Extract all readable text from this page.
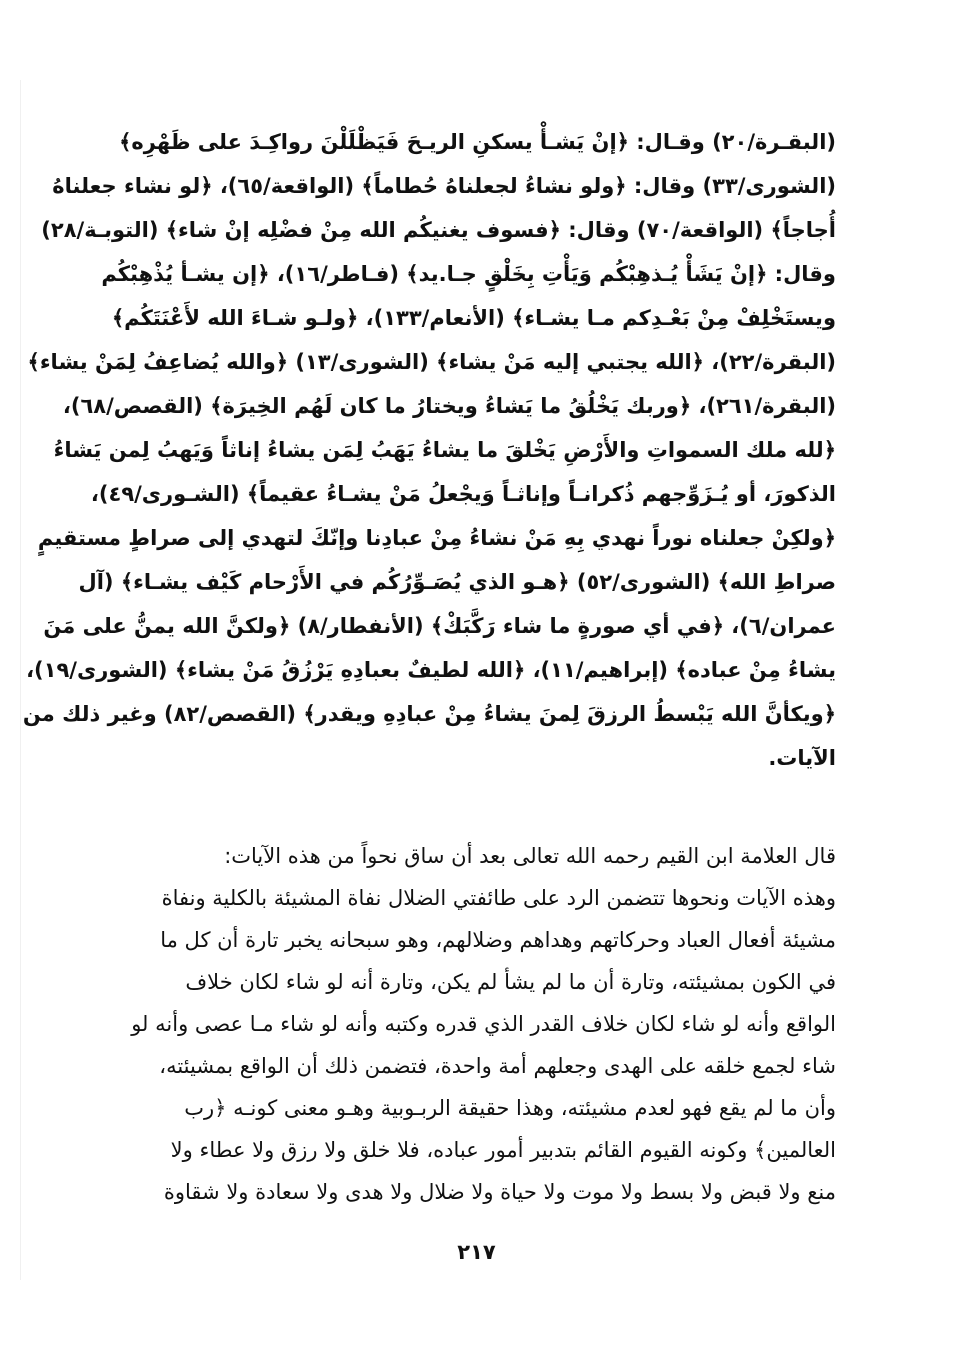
(البقـرة/٢٠) وقـال: ﴿إنْ يَشـأْ يسكنِ الريـحَ فَيَظْلَلْنَ رواكِـدَ على ظَهْرِه﴾
(الشورى/٣٣) وقال: ﴿ولو نشاءُ لجعلناهُ حُطاماً﴾ (الواقعة/٦٥)، ﴿لو نشاء جعلناهُ
أُجاجاً﴾ (الواقعة/٧٠) وقال: ﴿فسوف يغنيكُم الله مِنْ فضْلِه إنْ شاء﴾ (التوبـة/٢٨)
وقال: ﴿إنْ يَشَأْ يُـذهِبْكُم وَيَأْتِ بِخَلْقٍ جـا.يد﴾ (فـاطر/١٦)، ﴿إن يشـأ يُذْهِبْكُم
ويستَخْلِفْ مِنْ بَعْـدِكم مـا يشـاء﴾ (الأنعام/١٣٣)، ﴿ولـو شـاءَ الله لأَعْنَتَكُم﴾
(البقرة/٢٢)، ﴿الله يجتبي إليه مَنْ يشاء﴾ (الشورى/١٣) ﴿والله يُضاعِفُ لِمَنْ يشاء﴾
(البقرة/٢٦١)، ﴿وربك يَخْلُقُ ما يَشاءُ ويختارُ ما كان لَهُم الخِيرَة﴾ (القصص/٦٨)،
﴿لله ملك السمواتِ والأَرْضِ يَخْلقَ ما يشاءُ يَهَبُ لِمَن يشاءُ إناثاً وَيَهبُ لِمن يَشاءُ
الذكورَ، أو يُـزَوِّجهم ذُكرانـاً وإناثـاً وَيجْعلُ مَنْ يشـاءُ عقيماً﴾ (الشـورى/٤٩)،
﴿ولكِنْ جعلناه نوراً نهدي بِهِ مَنْ نشاءُ مِنْ عبادِنا وإنّكَ لتهدي إلى صراطٍ مستقيمٍ
صراطِ الله﴾ (الشورى/٥٢) ﴿هـو الذي يُصَـوِّرُكُم في الأَرْحام كَيْف يشـاء﴾ (آل
عمران/٦)، ﴿في أي صورةٍ ما شاء رَكَّبَكْ﴾ (الأنفطار/٨) ﴿ولكنَّ الله يمنُّ على مَنَ
يشاءُ مِنْ عباده﴾ (إبراهيم/١١)، ﴿الله لطيفٌ بعبادِهِ يَرْزُقُ مَنْ يشاء﴾ (الشورى/١٩)،
﴿ويكأنَّ الله يَبْسطُ الرزقَ لِمنَ يشاءُ مِنْ عبادِهِ ويقدر﴾ (القصص/٨٢) وغير ذلك من
الآيات.
قال العلامة ابن القيم رحمه الله تعالى بعد أن ساق نحواً من هذه الآيات:
وهذه الآيات ونحوها تتضمن الرد على طائفتي الضلال نفاة المشيئة بالكلية ونفاة
مشيئة أفعال العباد وحركاتهم وهداهم وضلالهم، وهو سبحانه يخبر تارة أن كل ما
في الكون بمشيئته، وتارة أن ما لم يشأ لم يكن، وتارة أنه لو شاء لكان خلاف
الواقع وأنه لو شاء لكان خلاف القدر الذي قدره وكتبه وأنه لو شاء مـا عصى وأنه لو
شاء لجمع خلقه على الهدى وجعلهم أمة واحدة، فتضمن ذلك أن الواقع بمشيئته،
وأن ما لم يقع فهو لعدم مشيئته، وهذا حقيقة الربـوبية وهـو معنى كونـه ﴿رب
العالمين﴾ وكونه القيوم القائم بتدبير أمور عباده، فلا خلق ولا رزق ولا عطاء ولا
منع ولا قبض ولا بسط ولا موت ولا حياة ولا ضلال ولا هدى ولا سعادة ولا شقاوة
٢١٧
